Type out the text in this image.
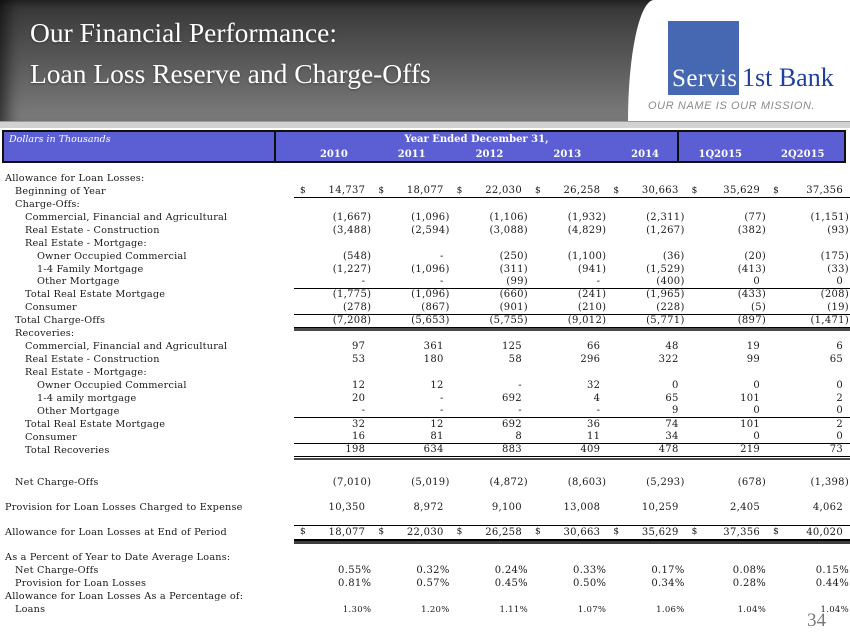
Our Financial Performance:
Loan Loss Reserve and Charge-Offs	Servis 1st Bank
OUR NAME IS OUR MISSION.
Dollars in Thousands	Year Ended December 31,
2010	2011	2012	2013	2014	1Q2015	2Q2015
Allowance for Loan Losses:
Beginning of Year	$ 14,737	$ 18,077	$ 22,030	$ 26,258	$ 30,663	$	35,629	$	37,356
Charge-Offs:
Commercial, Financial and Agricultural	(1,667)	(1,096)	(1,106)	(1,932)	(2,311)	(77)	(1,151)
Real Estate - Construction	(3,488)	(2,594)	(3,088)	(4,829)	(1,267)	(382)	(93)
Real Estate - Mortgage:
Owner Occupied Commercial	(548)	-	(250)	(1,100)	(36)	(20)	(175)
1-4 Family Mortgage	(1,227)	(1,096)	(311)	(941)	(1,529)	(413)	(33)
Other Mortgage	-	-	(99)	-	(400)	0	0
Total Real Estate Mortgage	(1,775)	(1,096)	(660)	(241)	(1,965)	(433)	(208)
Consumer	(278)	(867)	(901)	(210)	(228)	(5)	(19)
Total Charge-Offs	(7,208)	(5,653)	(5,755)	(9,012)	(5,771)	(897)	(1,471)
Recoveries:
Commercial, Financial and Agricultural	97	361	125	66	48	19	6
Real Estate - Construction	53	180	58	296	322	99	65
Real Estate - Mortgage:
Owner Occupied Commercial	12	12	-	32	0	0	0
1-4 amily mortgage	20	-	692	4	65	101	2
Other Mortgage	-	-	-	-	9	0	0
Total Real Estate Mortgage	32	12	692	36	74	101	2
Consumer	16	81	8	11	34	0	0
Total Recoveries	198	634	883	409	478	219	73
Net Charge-Offs	(7,010)	(5,019)	(4,872)	(8,603)	(5,293)	(678)	(1,398)
Provision for Loan Losses Charged to Expense	10,350	8,972	9,100	13,008	10,259	2,405	4,062
Allowance for Loan Losses at End of Period	$ 18,077	$ 22,030	$ 26,258	$ 30,663	$ 35,629	$	37,356	$	40,020
As a Percent of Year to Date Average Loans:
Net Charge-Offs	0.55%	0.32%	0.24%	0.33%	0.17%	0.08%	0.15%
Provision for Loan Losses	0.81%	0.57%	0.45%	0.50%	0.34%	0.28%	0.44%
Allowance for Loan Losses As a Percentage of:
Loans	1.30%	1.20%	1.11%	1.07%	1.06%	1.04%	1.04%
34
